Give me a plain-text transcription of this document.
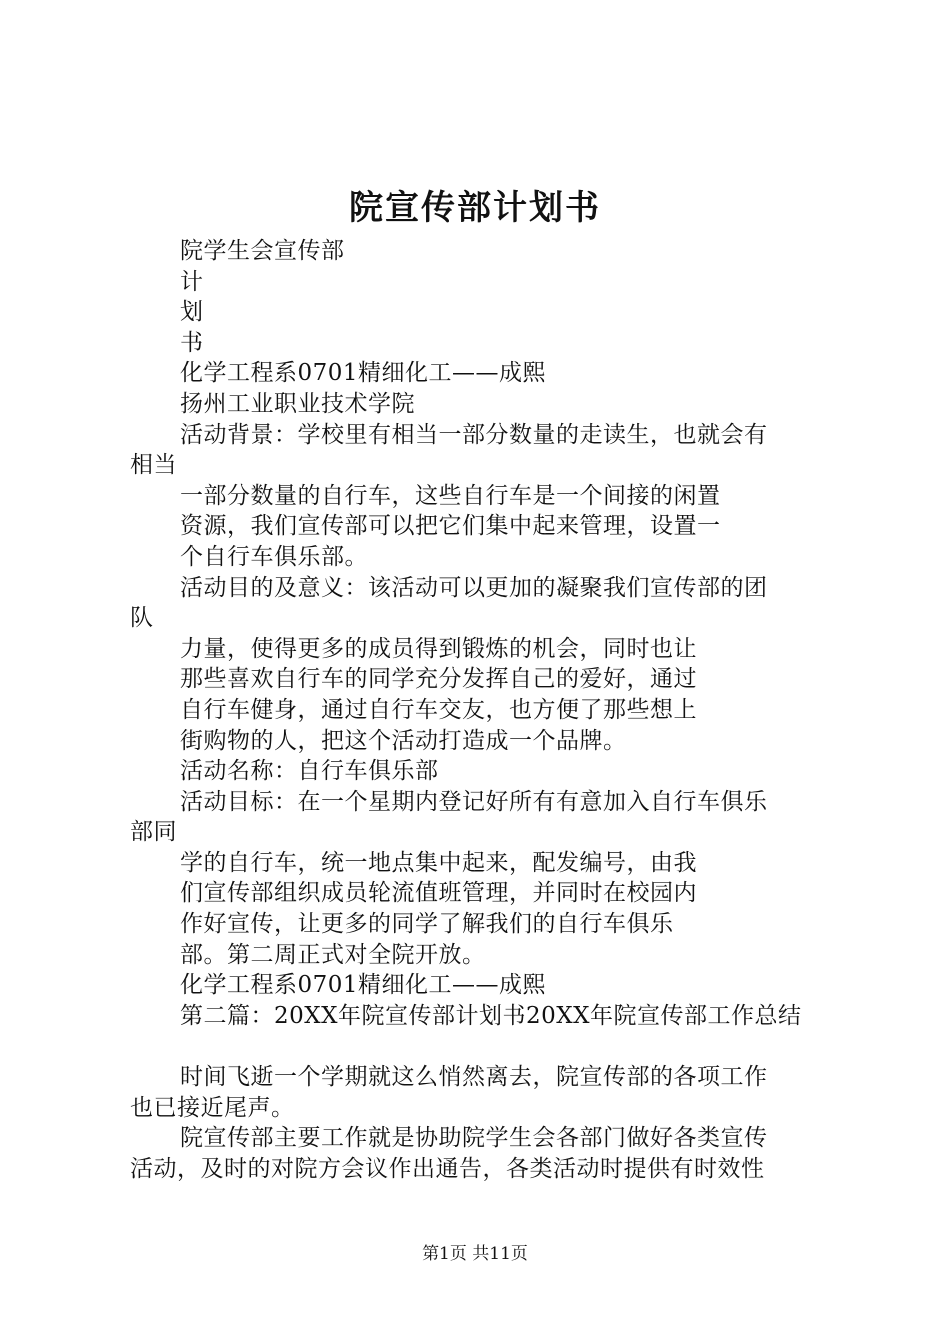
院宣传部计划书

院学生会宣传部

计

划

书

化学工程系0701精细化工——成熙

扬州工业职业技术学院

活动背景：学校里有相当一部分数量的走读生，也就会有

相当

一部分数量的自行车，这些自行车是一个间接的闲置

资源，我们宣传部可以把它们集中起来管理，设置一

个自行车俱乐部。

活动目的及意义：该活动可以更加的凝聚我们宣传部的团

队

力量，使得更多的成员得到锻炼的机会，同时也让

那些喜欢自行车的同学充分发挥自己的爱好，通过

自行车健身，通过自行车交友，也方便了那些想上

街购物的人，把这个活动打造成一个品牌。

活动名称：自行车俱乐部

活动目标：在一个星期内登记好所有有意加入自行车俱乐

部同

学的自行车，统一地点集中起来，配发编号，由我

们宣传部组织成员轮流值班管理，并同时在校园内

作好宣传，让更多的同学了解我们的自行车俱乐

部。第二周正式对全院开放。

化学工程系0701精细化工——成熙

第二篇：20XX年院宣传部计划书20XX年院宣传部工作总结

时间飞逝一个学期就这么悄然离去，院宣传部的各项工作

也已接近尾声。

院宣传部主要工作就是协助院学生会各部门做好各类宣传

活动，及时的对院方会议作出通告，各类活动时提供有时效性

第1页 共11页
